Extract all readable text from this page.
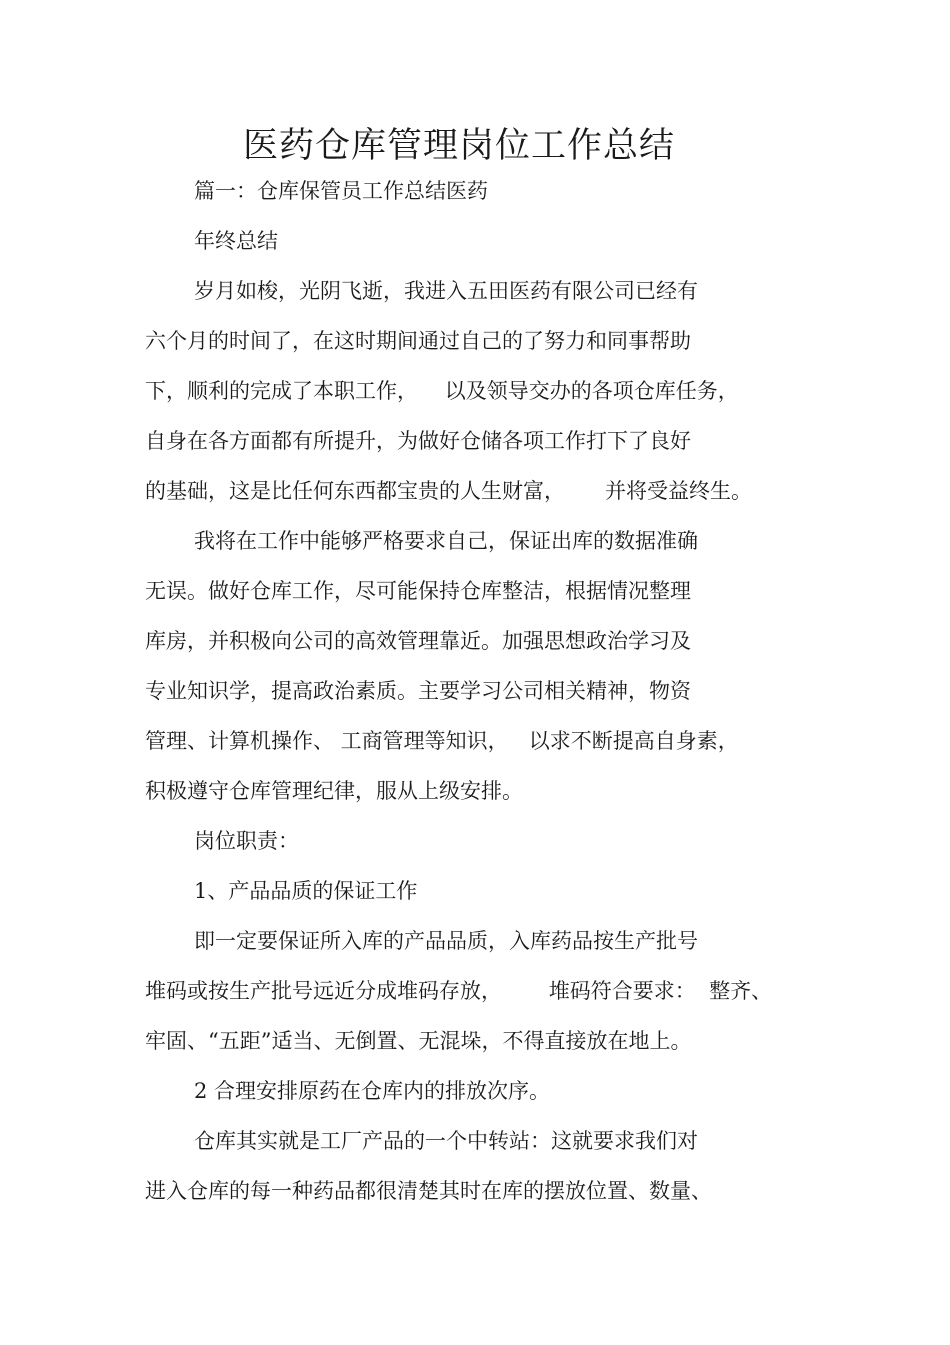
医药仓库管理岗位工作总结

篇一：仓库保管员工作总结医药

年终总结

岁月如梭，光阴飞逝，我进入五田医药有限公司已经有

六个月的时间了，在这时期间通过自己的了努力和同事帮助

下，顺利的完成了本职工作，    以及领导交办的各项仓库任务，

自身在各方面都有所提升，为做好仓储各项工作打下了良好

的基础，这是比任何东西都宝贵的人生财富，      并将受益终生。

我将在工作中能够严格要求自己，保证出库的数据准确

无误。做好仓库工作，尽可能保持仓库整洁，根据情况整理

库房，并积极向公司的高效管理靠近。加强思想政治学习及

专业知识学，提高政治素质。主要学习公司相关精神，物资

管理、计算机操作、 工商管理等知识，   以求不断提高自身素，

积极遵守仓库管理纪律，服从上级安排。

岗位职责：

1、产品品质的保证工作

即一定要保证所入库的产品品质，入库药品按生产批号

堆码或按生产批号远近分成堆码存放，       堆码符合要求：  整齐、

牢固、“五距”适当、无倒置、无混垛，不得直接放在地上。

2 合理安排原药在仓库内的排放次序。

仓库其实就是工厂产品的一个中转站：这就要求我们对

进入仓库的每一种药品都很清楚其时在库的摆放位置、数量、
